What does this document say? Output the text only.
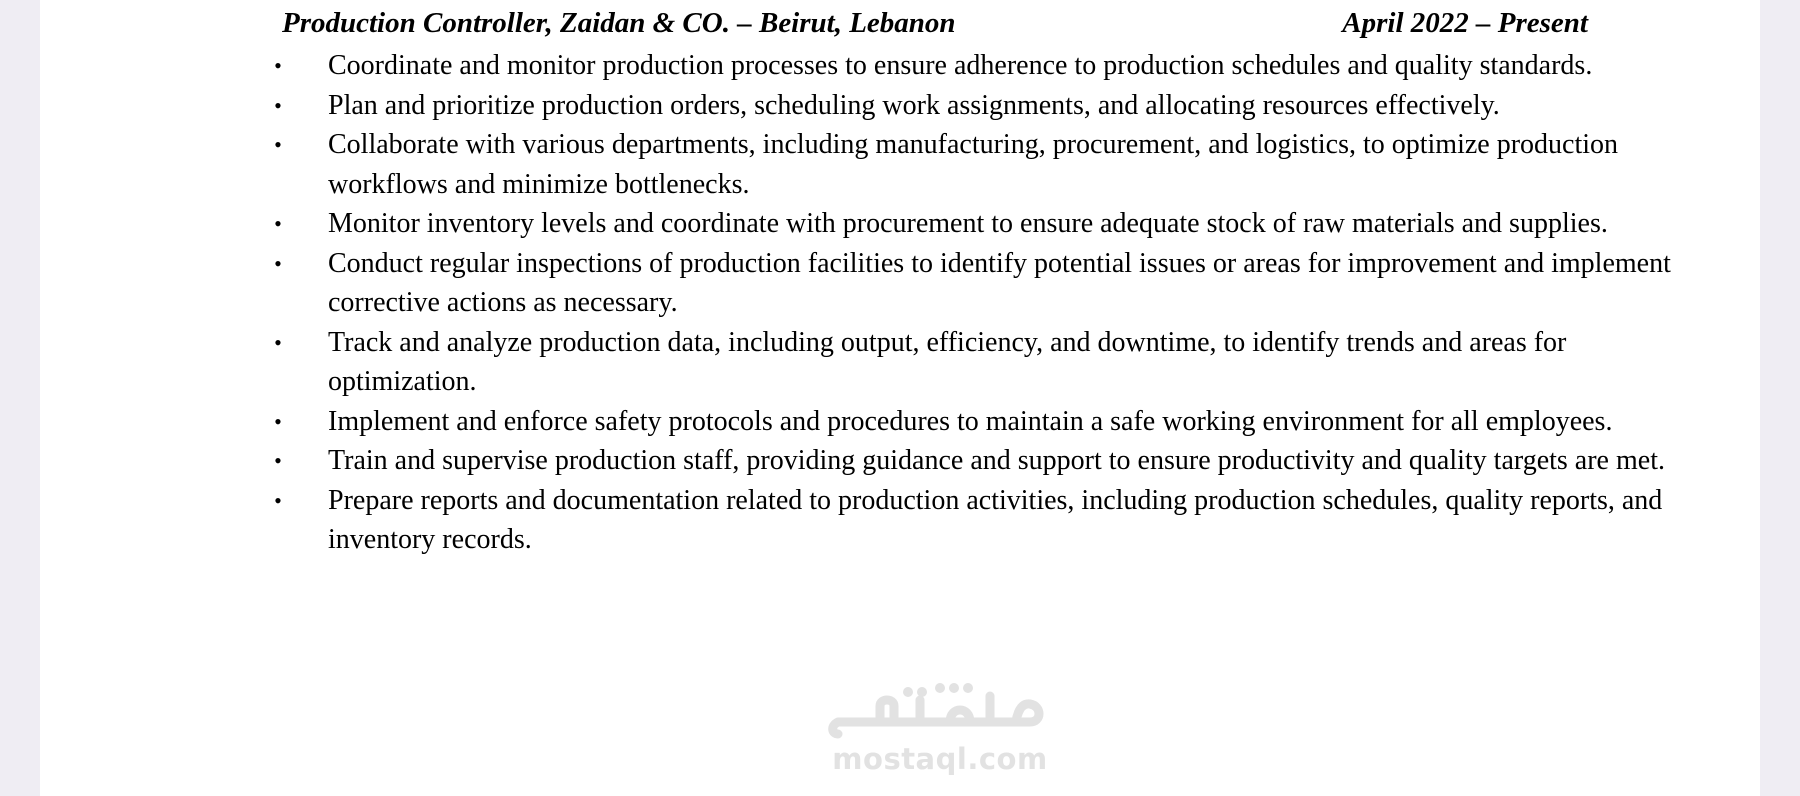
Production Controller, Zaidan & CO. – Beirut, Lebanon	April 2022 – Present
• Coordinate and monitor production processes to ensure adherence to production schedules and quality standards.
• Plan and prioritize production orders, scheduling work assignments, and allocating resources effectively.
• Collaborate with various departments, including manufacturing, procurement, and logistics, to optimize production workflows and minimize bottlenecks.
• Monitor inventory levels and coordinate with procurement to ensure adequate stock of raw materials and supplies.
• Conduct regular inspections of production facilities to identify potential issues or areas for improvement and implement corrective actions as necessary.
• Track and analyze production data, including output, efficiency, and downtime, to identify trends and areas for optimization.
• Implement and enforce safety protocols and procedures to maintain a safe working environment for all employees.
• Train and supervise production staff, providing guidance and support to ensure productivity and quality targets are met.
• Prepare reports and documentation related to production activities, including production schedules, quality reports, and inventory records.
mostaql.com
